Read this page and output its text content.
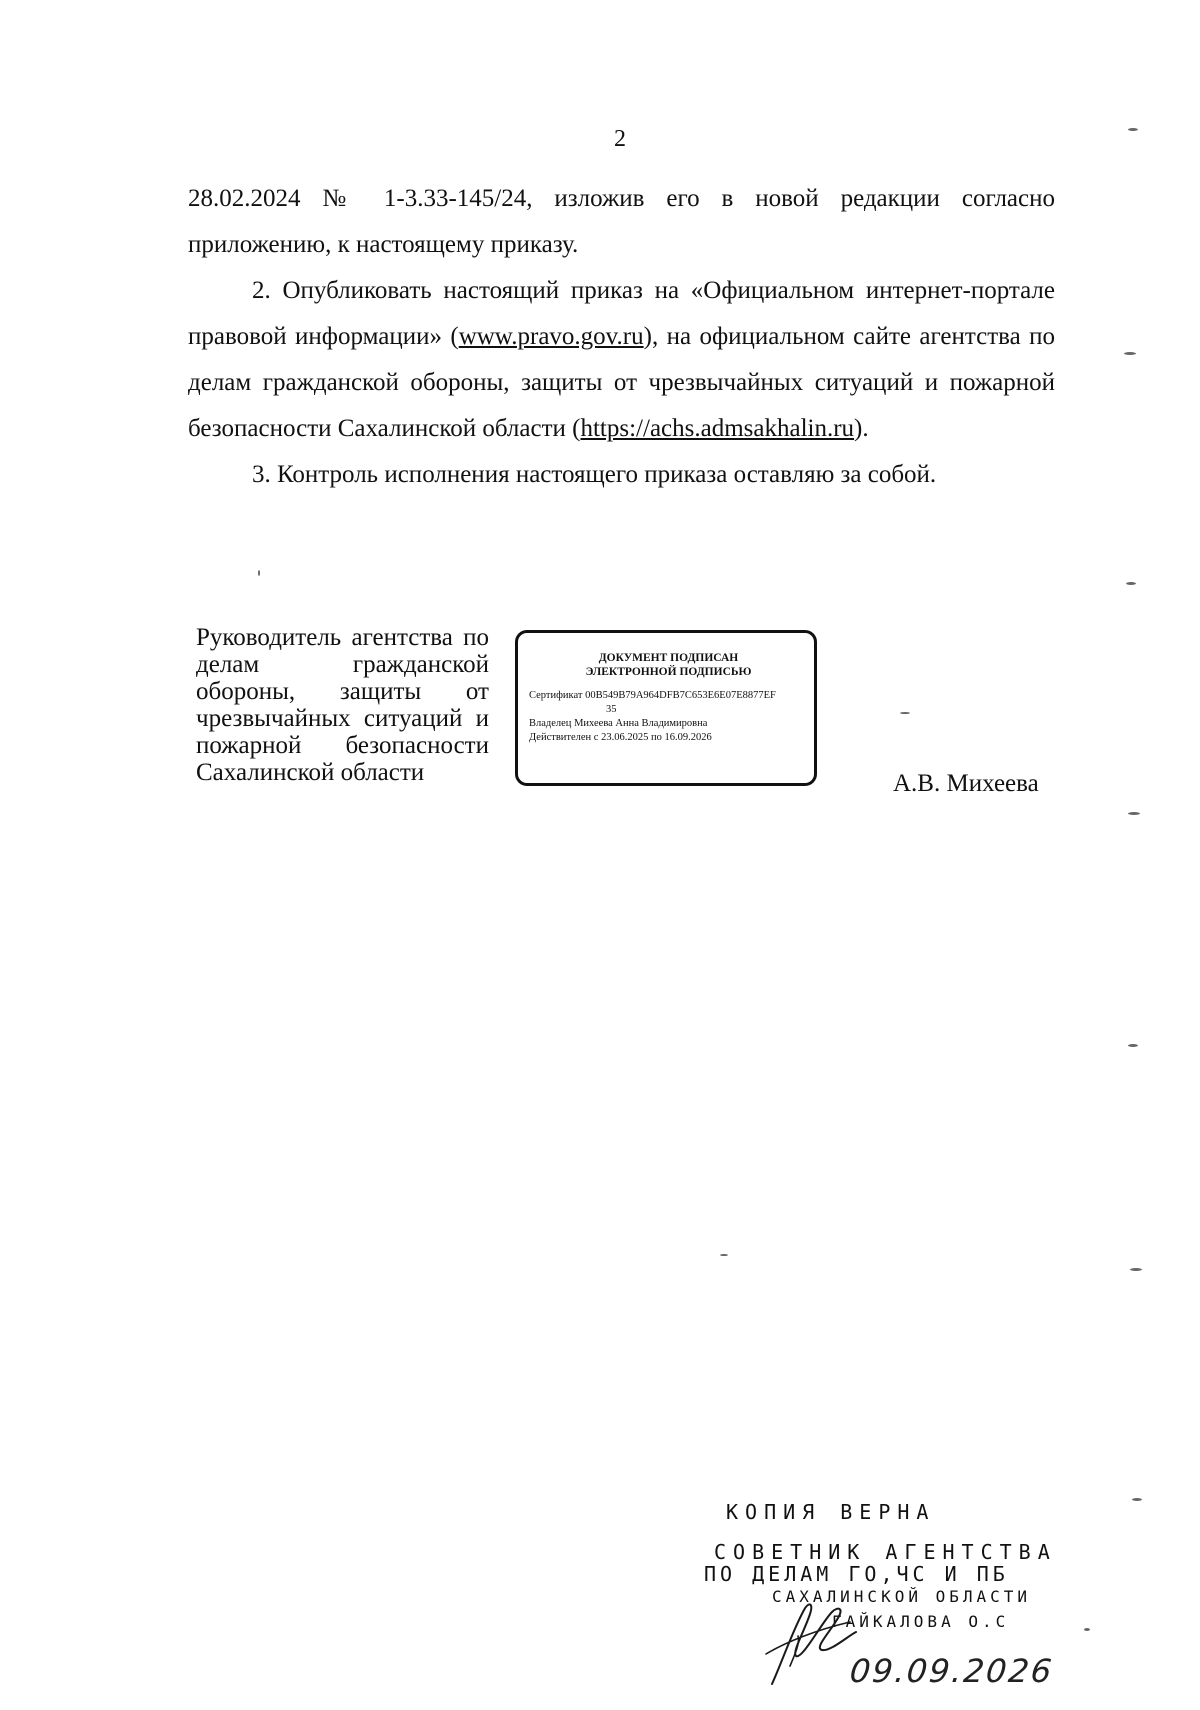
2

28.02.2024 № 1-3.33-145/24, изложив его в новой редакции согласно приложению, к настоящему приказу.

2. Опубликовать настоящий приказ на «Официальном интернет-портале правовой информации» (www.pravo.gov.ru), на официальном сайте агентства по делам гражданской обороны, защиты от чрезвычайных ситуаций и пожарной безопасности Сахалинской области (https://achs.admsakhalin.ru).

3. Контроль исполнения настоящего приказа оставляю за собой.

Руководитель агентства по делам гражданской обороны, защиты от чрезвычайных ситуаций и пожарной безопасности Сахалинской области
ДОКУМЕНТ ПОДПИСАН
ЭЛЕКТРОННОЙ ПОДПИСЬЮ
Сертификат 00B549B79A964DFB7C653E6E07E8877EF
35
Владелец Михеева Анна Владимировна
Действителен с 23.06.2025 по 16.09.2026
А.В. Михеева
КОПИЯ ВЕРНА
СОВЕТНИК АГЕНТСТВА
ПО ДЕЛАМ ГО,ЧС И ПБ
САХАЛИНСКОЙ ОБЛАСТИ
ГАЙКАЛОВА О.С
09.09.2026
